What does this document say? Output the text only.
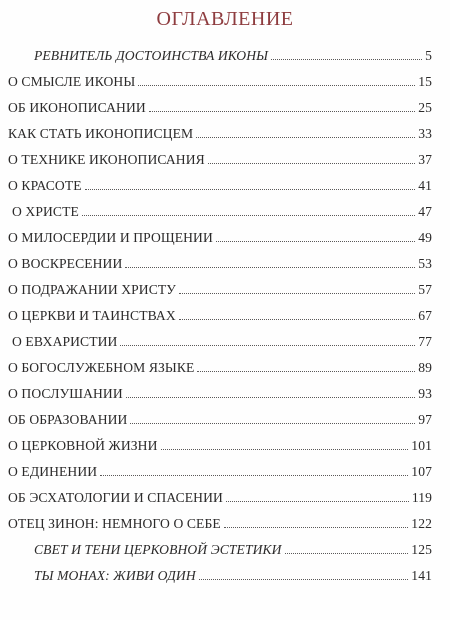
ОГЛАВЛЕНИЕ
РЕВНИТЕЛЬ ДОСТОИНСТВА ИКОНЫ	5
О СМЫСЛЕ ИКОНЫ	15
ОБ ИКОНОПИСАНИИ	25
КАК СТАТЬ ИКОНОПИСЦЕМ	33
О ТЕХНИКЕ ИКОНОПИСАНИЯ	37
О КРАСОТЕ	41
О ХРИСТЕ	47
О МИЛОСЕРДИИ И ПРОЩЕНИИ	49
О ВОСКРЕСЕНИИ	53
О ПОДРАЖАНИИ ХРИСТУ	57
О ЦЕРКВИ И ТАИНСТВАХ	67
О ЕВХАРИСТИИ	77
О БОГОСЛУЖЕБНОМ ЯЗЫКЕ	89
О ПОСЛУШАНИИ	93
ОБ ОБРАЗОВАНИИ	97
О ЦЕРКОВНОЙ ЖИЗНИ	101
О ЕДИНЕНИИ	107
ОБ ЭСХАТОЛОГИИ И СПАСЕНИИ	119
ОТЕЦ ЗИНОН: НЕМНОГО О СЕБЕ	122
СВЕТ И ТЕНИ ЦЕРКОВНОЙ ЭСТЕТИКИ	125
ТЫ МОНАХ: ЖИВИ ОДИН	141
